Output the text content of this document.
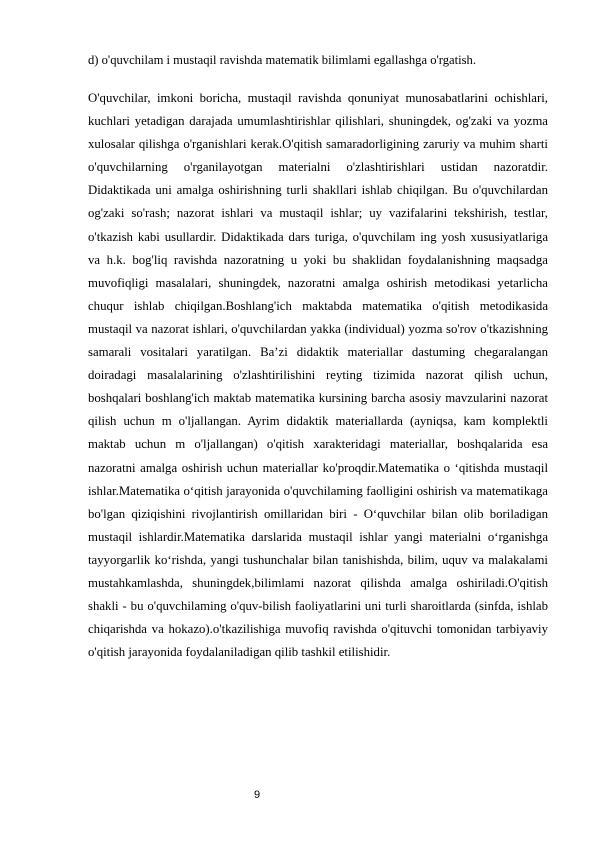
d) o'quvchilam i mustaqil ravishda matematik bilimlami egallashga o'rgatish.
O'quvchilar, imkoni boricha, mustaqil ravishda qonuniyat munosabatlarini ochishlari, kuchlari yetadigan darajada umumlashtirishlar qilishlari, shuningdek, og'zaki va yozma xulosalar qilishga o'rganishlari kerak.O'qitish samaradorligining zaruriy va muhim sharti o'quvchilarning o'rganilayotgan materialni o'zlashtirishlari ustidan nazoratdir. Didaktikada uni amalga oshirishning turli shakllari ishlab chiqilgan. Bu o'quvchilardan og'zaki so'rash; nazorat ishlari va mustaqil ishlar; uy vazifalarini tekshirish, testlar, o'tkazish kabi usullardir. Didaktikada dars turiga, o'quvchilam ing yosh xususiyatlariga va h.k. bog'liq ravishda nazoratning u yoki bu shaklidan foydalanishning maqsadga muvofiqligi masalalari, shuningdek, nazoratni amalga oshirish metodikasi yetarlicha chuqur ishlab chiqilgan.Boshlang'ich maktabda matematika o'qitish metodikasida mustaqil va nazorat ishlari, o'quvchilardan yakka (individual) yozma so'rov o'tkazishning samarali vositalari yaratilgan. Ba’zi didaktik materiallar dastuming chegaralangan doiradagi masalalarining o'zlashtirilishini reyting tizimida nazorat qilish uchun, boshqalari boshlang'ich maktab matematika kursining barcha asosiy mavzularini nazorat qilish uchun m o'ljallangan. Ayrim didaktik materiallarda (ayniqsa, kam komplektli maktab uchun m o'ljallangan) o'qitish xarakteridagi materiallar, boshqalarida esa nazoratni amalga oshirish uchun materiallar ko'proqdir.Matematika o ‘qitishda mustaqil ishlar.Matematika o‘qitish jarayonida o'quvchilaming faolligini oshirish va matematikaga bo'lgan qiziqishini rivojlantirish omillaridan biri - O‘quvchilar bilan olib boriladigan mustaqil ishlardir.Matematika darslarida mustaqil ishlar yangi materialni o‘rganishga tayyorgarlik ko‘rishda, yangi tushunchalar bilan tanishishda, bilim, uquv va malakalami mustahkamlashda, shuningdek,bilimlami nazorat qilishda amalga oshiriladi.O'qitish shakli - bu o'quvchilaming o'quv-bilish faoliyatlarini uni turli sharoitlarda (sinfda, ishlab chiqarishda va hokazo).o'tkazilishiga muvofiq ravishda o'qituvchi tomonidan tarbiyaviy o'qitish jarayonida foydalaniladigan qilib tashkil etilishidir.
9
